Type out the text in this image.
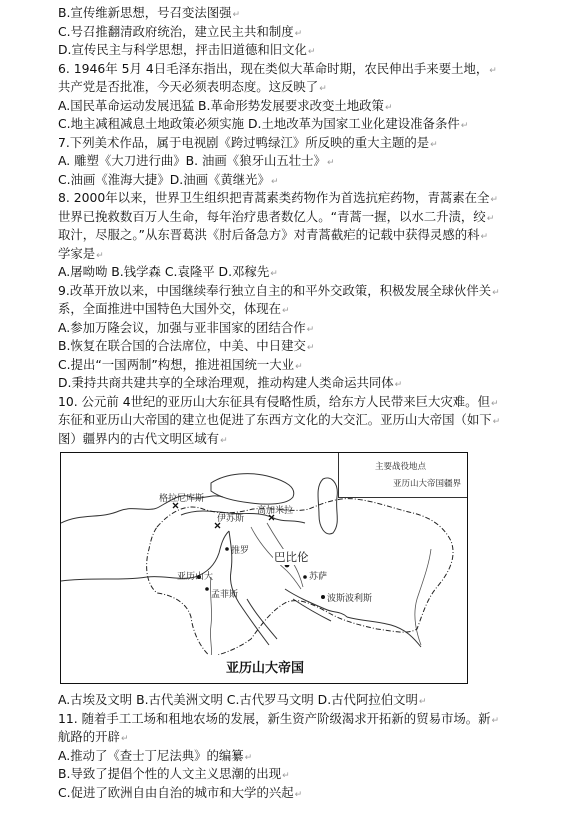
主要战役地点
亚历山大帝国疆界
亚历山大
巴比伦
波斯波利斯
伊苏斯
高加米拉
推罗
格拉尼库斯
孟菲斯
苏萨
亚历山大帝国
B.宣传维新思想，号召变法图强↵
C.号召推翻清政府统治，建立民主共和制度↵
D.宣传民主与科学思想，抨击旧道德和旧文化↵
6. 1946年 5月 4日毛泽东指出，现在类似大革命时期，农民伸出手来要土地，↵
共产党是否批准，今天必须表明态度。这反映了↵
A.国民革命运动发展迅猛 B.革命形势发展要求改变土地政策↵
C.地主减租减息土地政策必须实施 D.土地改革为国家工业化建设准备条件↵
7.下列美术作品，属于电视剧《跨过鸭绿江》所反映的重大主题的是↵
A. 雕塑《大刀进行曲》B. 油画《狼牙山五壮士》↵
C.油画《淮海大捷》D.油画《黄继光》↵
8. 2000年以来，世界卫生组织把青蒿素类药物作为首选抗疟药物，青蒿素在全↵
世界已挽救数百万人生命，每年治疗患者数亿人。“青蒿一握，以水二升渍，绞↵
取汁，尽服之。”从东晋葛洪《肘后备急方》对青蒿截疟的记载中获得灵感的科↵
学家是↵
A.屠呦呦 B.钱学森 C.袁隆平 D.邓稼先↵
9.改革开放以来，中国继续奉行独立自主的和平外交政策，积极发展全球伙伴关↵
系，全面推进中国特色大国外交，体现在↵
A.参加万隆会议，加强与亚非国家的团结合作↵
B.恢复在联合国的合法席位，中美、中日建交↵
C.提出“一国两制”构想，推进祖国统一大业↵
D.秉持共商共建共享的全球治理观，推动构建人类命运共同体↵
10. 公元前 4世纪的亚历山大东征具有侵略性质，给东方人民带来巨大灾难。但↵
东征和亚历山大帝国的建立也促进了东西方文化的大交汇。亚历山大帝国（如下↵
图）疆界内的古代文明区域有↵
A.古埃及文明 B.古代美洲文明 C.古代罗马文明 D.古代阿拉伯文明↵
11. 随着手工工场和租地农场的发展，新生资产阶级渴求开拓新的贸易市场。新↵
航路的开辟↵
A.推动了《查士丁尼法典》的编纂↵
B.导致了提倡个性的人文主义思潮的出现↵
C.促进了欧洲自由自治的城市和大学的兴起↵
